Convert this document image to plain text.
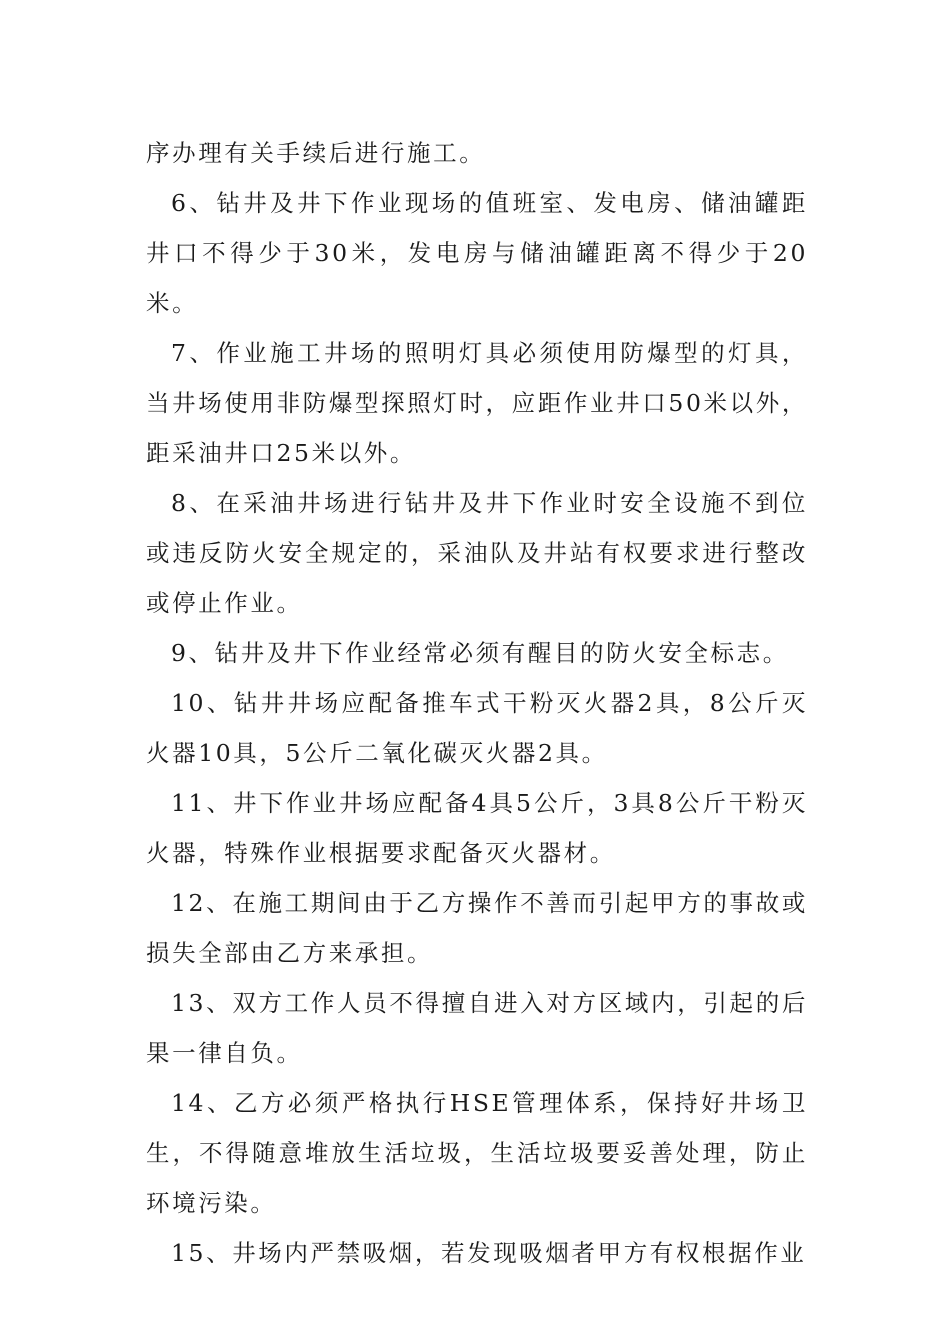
序办理有关手续后进行施工。

6、钻井及井下作业现场的值班室、发电房、储油罐距井口不得少于30米，发电房与储油罐距离不得少于20米。

7、作业施工井场的照明灯具必须使用防爆型的灯具，当井场使用非防爆型探照灯时，应距作业井口50米以外，距采油井口25米以外。

8、在采油井场进行钻井及井下作业时安全设施不到位或违反防火安全规定的，采油队及井站有权要求进行整改或停止作业。

9、钻井及井下作业经常必须有醒目的防火安全标志。

10、钻井井场应配备推车式干粉灭火器2具，8公斤灭火器10具，5公斤二氧化碳灭火器2具。

11、井下作业井场应配备4具5公斤，3具8公斤干粉灭火器，特殊作业根据要求配备灭火器材。

12、在施工期间由于乙方操作不善而引起甲方的事故或损失全部由乙方来承担。

13、双方工作人员不得擅自进入对方区域内，引起的后果一律自负。

14、乙方必须严格执行HSE管理体系，保持好井场卫生，不得随意堆放生活垃圾，生活垃圾要妥善处理，防止环境污染。

15、井场内严禁吸烟，若发现吸烟者甲方有权根据作业
